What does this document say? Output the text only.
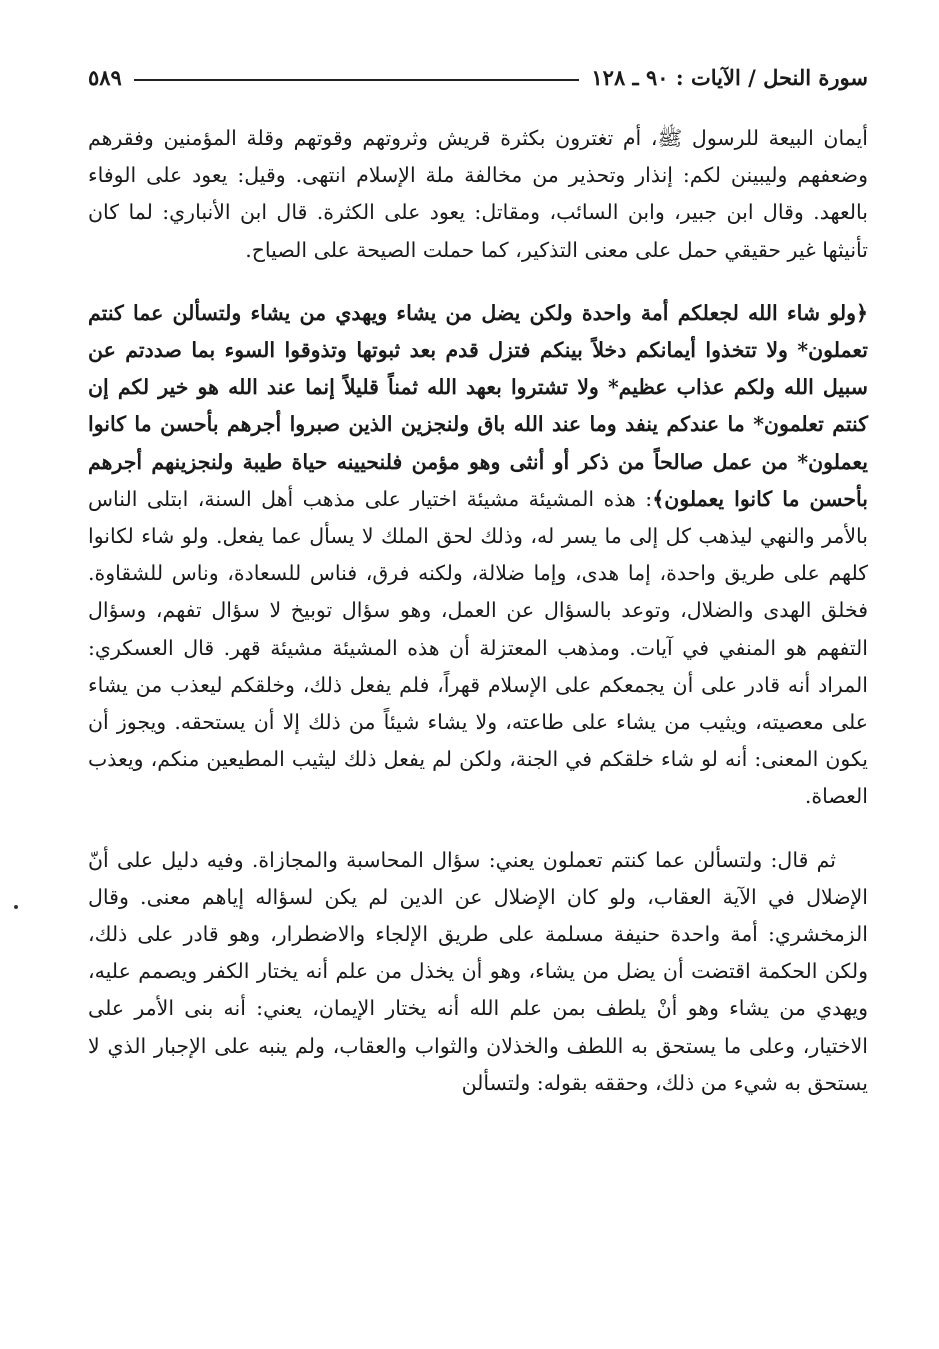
سورة النحل / الآيات : ٩٠ ـ ١٢٨
٥٨٩

أيمان البيعة للرسول ﷺ، أم تغترون بكثرة قريش وثروتهم وقوتهم وقلة المؤمنين وفقرهم وضعفهم وليبينن لكم: إنذار وتحذير من مخالفة ملة الإسلام انتهى. وقيل: يعود على الوفاء بالعهد. وقال ابن جبير، وابن السائب، ومقاتل: يعود على الكثرة. قال ابن الأنباري: لما كان تأنيثها غير حقيقي حمل على معنى التذكير، كما حملت الصيحة على الصياح.

﴿ولو شاء الله لجعلكم أمة واحدة ولكن يضل من يشاء ويهدي من يشاء ولتسألن عما كنتم تعملون* ولا تتخذوا أيمانكم دخلاً بينكم فتزل قدم بعد ثبوتها وتذوقوا السوء بما صددتم عن سبيل الله ولكم عذاب عظيم* ولا تشتروا بعهد الله ثمناً قليلاً إنما عند الله هو خير لكم إن كنتم تعلمون* ما عندكم ينفد وما عند الله باق ولنجزين الذين صبروا أجرهم بأحسن ما كانوا يعملون* من عمل صالحاً من ذكر أو أنثى وهو مؤمن فلنحيينه حياة طيبة ولنجزينهم أجرهم بأحسن ما كانوا يعملون﴾: هذه المشيئة مشيئة اختيار على مذهب أهل السنة، ابتلى الناس بالأمر والنهي ليذهب كل إلى ما يسر له، وذلك لحق الملك لا يسأل عما يفعل. ولو شاء لكانوا كلهم على طريق واحدة، إما هدى، وإما ضلالة، ولكنه فرق، فناس للسعادة، وناس للشقاوة. فخلق الهدى والضلال، وتوعد بالسؤال عن العمل، وهو سؤال توبيخ لا سؤال تفهم، وسؤال التفهم هو المنفي في آيات. ومذهب المعتزلة أن هذه المشيئة مشيئة قهر. قال العسكري: المراد أنه قادر على أن يجمعكم على الإسلام قهراً، فلم يفعل ذلك، وخلقكم ليعذب من يشاء على معصيته، ويثيب من يشاء على طاعته، ولا يشاء شيئاً من ذلك إلا أن يستحقه. ويجوز أن يكون المعنى: أنه لو شاء خلقكم في الجنة، ولكن لم يفعل ذلك ليثيب المطيعين منكم، ويعذب العصاة.

ثم قال: ولتسألن عما كنتم تعملون يعني: سؤال المحاسبة والمجازاة. وفيه دليل على أنّ الإضلال في الآية العقاب، ولو كان الإضلال عن الدين لم يكن لسؤاله إياهم معنى. وقال الزمخشري: أمة واحدة حنيفة مسلمة على طريق الإلجاء والاضطرار، وهو قادر على ذلك، ولكن الحكمة اقتضت أن يضل من يشاء، وهو أن يخذل من علم أنه يختار الكفر ويصمم عليه، ويهدي من يشاء وهو أنْ يلطف بمن علم الله أنه يختار الإيمان، يعني: أنه بنى الأمر على الاختيار، وعلى ما يستحق به اللطف والخذلان والثواب والعقاب، ولم ينبه على الإجبار الذي لا يستحق به شيء من ذلك، وحققه بقوله: ولتسألن
